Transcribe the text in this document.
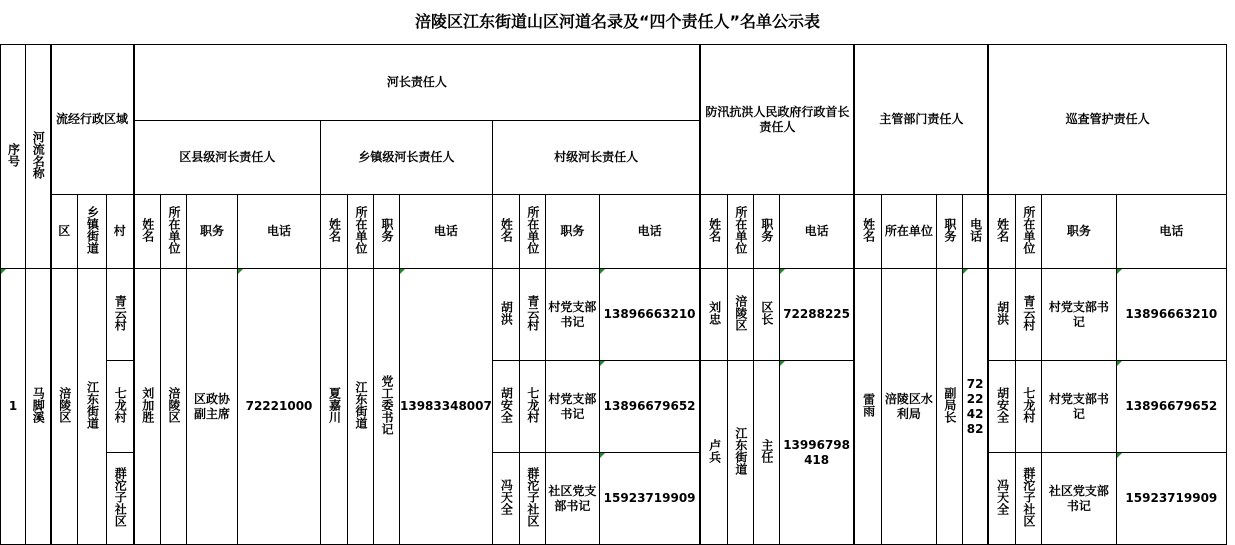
涪陵区江东街道山区河道名录及“四个责任人”名单公示表
序号	河流名称	流经行政区域			河长责任人												防汛抗洪人民政府行政首长责任人				主管部门责任人				巡查管护责任人			
					区县级河长责任人				乡镇级河长责任人				村级河长责任人															
		区	乡镇街道	村	姓名	所在单位	职务	电话	姓名	所在单位	职务	电话	姓名	所在单位	职务	电话	姓名	所在单位	职务	电话	姓名	所在单位	职务	电话	姓名	所在单位	职务	电话
1	马脚溪	涪陵区	江东街道	青云村	刘加胜	涪陵区	区政协副主席	72221000	夏嘉川	江东街道	党工委书记	13983348007	胡洪	青云村	村党支部书记	13896663210	刘忠	涪陵区	区长	72288225	雷雨	涪陵区水利局	副局长	72224282	胡洪	青云村	村党支部书记	13896663210
				七龙村									胡安全	七龙村	村党支部书记	13896679652	卢兵	江东街道	主任	13996798418					胡安全	七龙村	村党支部书记	13896679652
				群沱子社区									冯天全	群沱子社区	社区党支部书记	15923719909									冯天全	群沱子社区	社区党支部书记	15923719909
